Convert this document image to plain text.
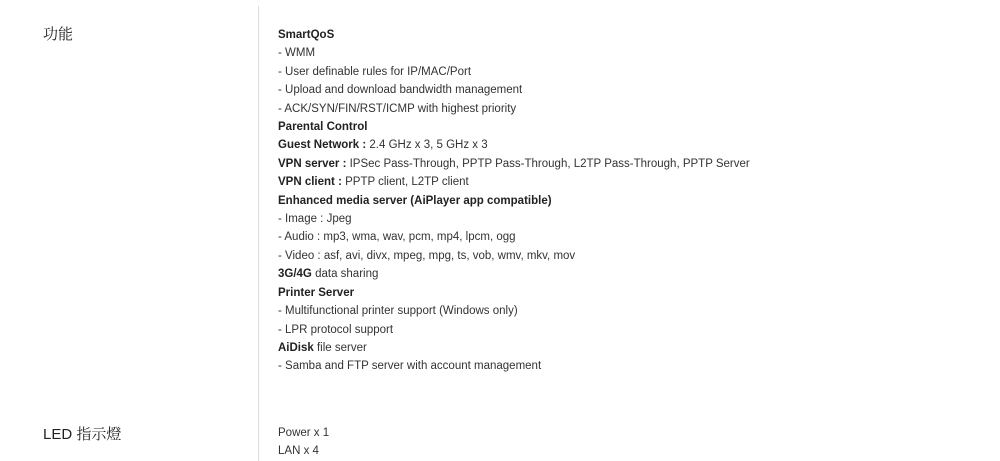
功能	SmartQoS
- WMM
- User definable rules for IP/MAC/Port
- Upload and download bandwidth management
- ACK/SYN/FIN/RST/ICMP with highest priority
Parental Control
Guest Network : 2.4 GHz x 3, 5 GHz x 3
VPN server : IPSec Pass-Through, PPTP Pass-Through, L2TP Pass-Through, PPTP Server
VPN client : PPTP client, L2TP client
Enhanced media server (AiPlayer app compatible)
- Image : Jpeg
- Audio : mp3, wma, wav, pcm, mp4, lpcm, ogg
- Video : asf, avi, divx, mpeg, mpg, ts, vob, wmv, mkv, mov
3G/4G data sharing
Printer Server
- Multifunctional printer support (Windows only)
- LPR protocol support
AiDisk file server
- Samba and FTP server with account management
LED 指示燈	Power x 1
LAN x 4
